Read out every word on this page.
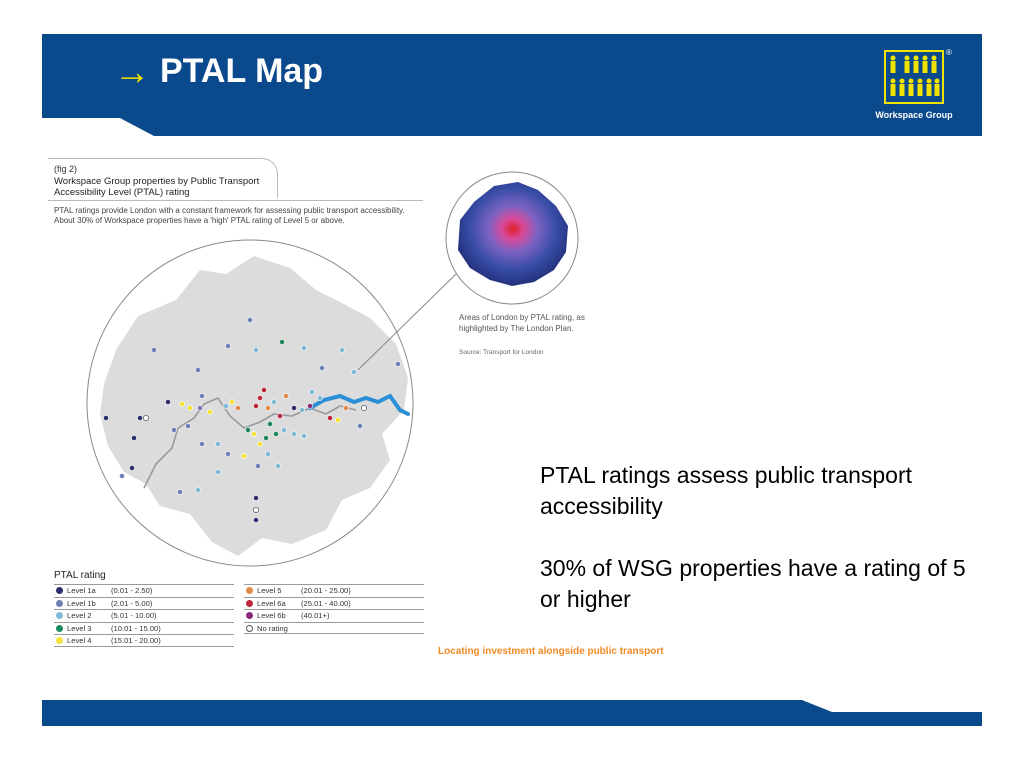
→ PTAL Map	®
Workspace Group
(fig 2)
Workspace Group properties by Public Transport Accessibility Level (PTAL) rating
PTAL ratings provide London with a constant framework for assessing public transport accessibility. About 30% of Workspace properties have a 'high' PTAL rating of Level 5 or above.
Areas of London by PTAL rating, as highlighted by The London Plan.
Source: Transport for London
PTAL rating
Level 1a	(0.01 - 2.50)
Level 1b	(2.01 - 5.00)
Level 2	(5.01 - 10.00)
Level 3	(10.01 - 15.00)
Level 4	(15.01 - 20.00)
Level 5	(20.01 - 25.00)
Level 6a	(25.01 - 40.00)
Level 6b	(40.01+)
No rating
Locating investment alongside public transport

PTAL ratings assess public transport accessibility

30% of WSG properties have a rating of 5 or higher
